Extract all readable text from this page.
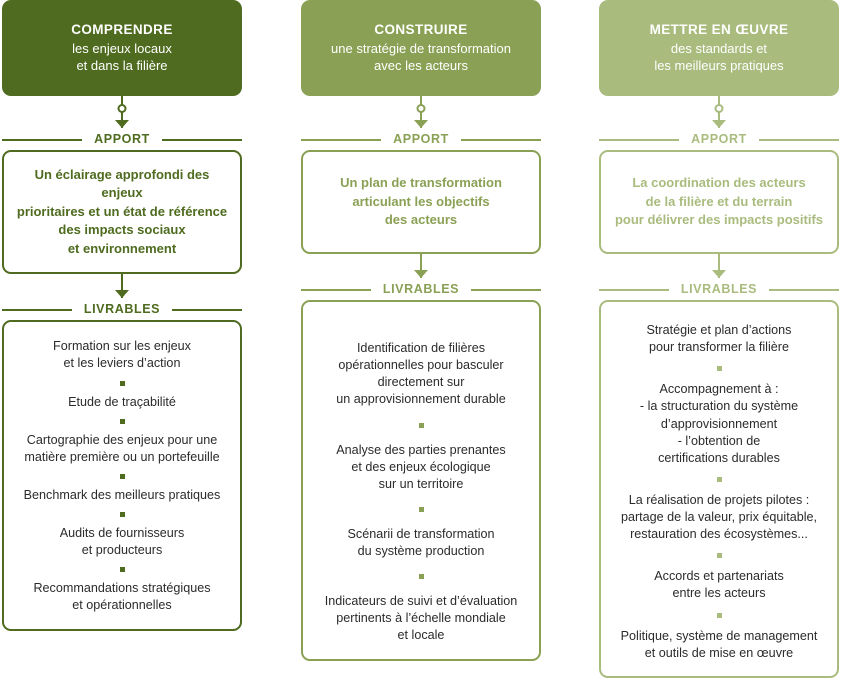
COMPRENDRE
les enjeux locaux
et dans la filière
APPORT
Un éclairage approfondi des enjeux
prioritaires et un état de référence
des impacts sociaux
et environnement
LIVRABLES
Formation sur les enjeux
et les leviers d’action
Etude de traçabilité
Cartographie des enjeux pour une
matière première ou un portefeuille
Benchmark des meilleurs pratiques
Audits de fournisseurs
et producteurs
Recommandations stratégiques
et opérationnelles
CONSTRUIRE
une stratégie de transformation
avec les acteurs
APPORT
Un plan de transformation
articulant les objectifs
des acteurs
LIVRABLES
Identification de filières
opérationnelles pour basculer
directement sur
un approvisionnement durable
Analyse des parties prenantes
et des enjeux écologique
sur un territoire
Scénarii de transformation
du système production
Indicateurs de suivi et d’évaluation
pertinents à l’échelle mondiale
et locale
METTRE EN ŒUVRE
des standards et
les meilleurs pratiques
APPORT
La coordination des acteurs
de la filière et du terrain
pour délivrer des impacts positifs
LIVRABLES
Stratégie et plan d’actions
pour transformer la filière
Accompagnement à :
- la structuration du système
d’approvisionnement
- l’obtention de
certifications durables
La réalisation de projets pilotes :
partage de la valeur, prix équitable,
restauration des écosystèmes...
Accords et partenariats
entre les acteurs
Politique, système de management
et outils de mise en œuvre
